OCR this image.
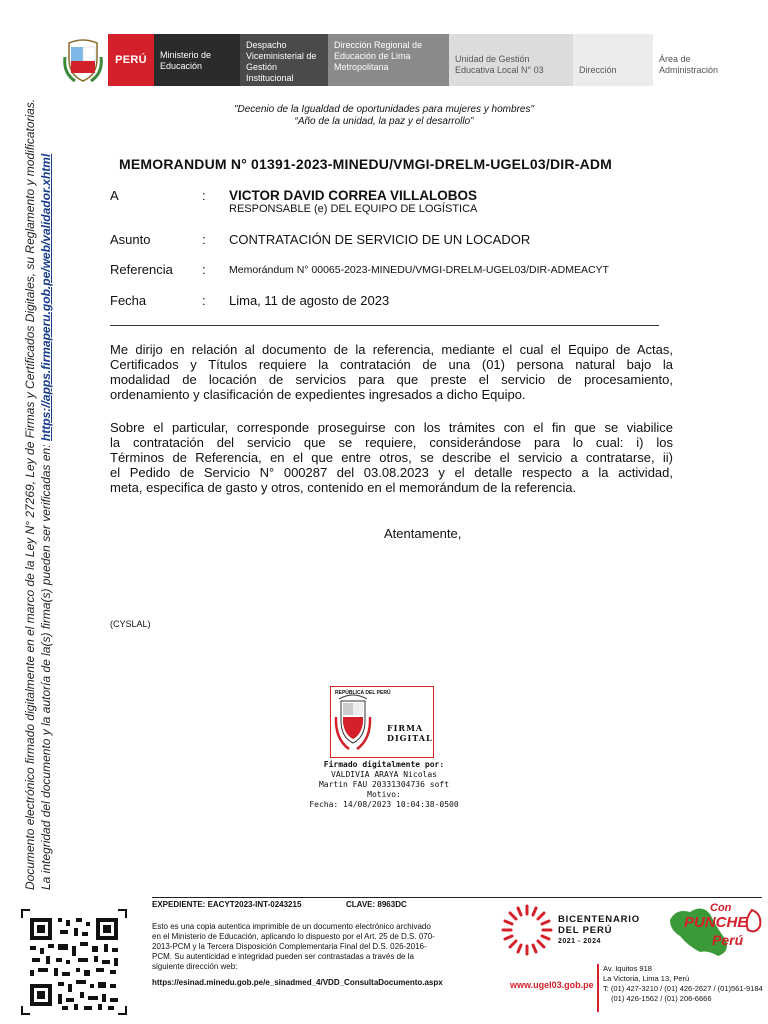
PERÚ	Ministerio de Educación
Despacho Viceministerial de Gestión Institucional
Dirección Regional de Educación de Lima Metropolitana
Unidad de Gestión Educativa Local N° 03	Dirección
Área de Administración
"Decenio de la Igualdad de oportunidades para mujeres y hombres"
“Año de la unidad, la paz y el desarrollo”
Documento electrónico firmado digitalmente en el marco de la Ley N° 27269, Ley de Firmas y Certificados Digitales, su Reglamento y modificatorias. La integridad del documento y la autoría de la(s) firma(s) pueden ser verificadas en: https://apps.firmaperu.gob.pe/web/validador.xhtml	MEMORANDUM N° 01391-2023-MINEDU/VMGI-DRELM-UGEL03/DIR-ADM
A	: VICTOR DAVID CORREA VILLALOBOS
RESPONSABLE (e) DEL EQUIPO DE LOGÍSTICA
Asunto	: CONTRATACIÓN DE SERVICIO DE UN LOCADOR
Referencia : Memorándum N° 00065-2023-MINEDU/VMGI-DRELM-UGEL03/DIR-ADMEACYT
Fecha	: Lima, 11 de agosto de 2023
Me dirijo en relación al documento de la referencia, mediante el cual el Equipo de Actas,
Certificados y Títulos requiere la contratación de una (01) persona natural bajo la
modalidad de locación de servicios para que preste el servicio de procesamiento,
ordenamiento y clasificación de expedientes ingresados a dicho Equipo.
Sobre el particular, corresponde proseguirse con los trámites con el fin que se viabilice
la contratación del servicio que se requiere, considerándose para lo cual: i) los
Términos de Referencia, en el que entre otros, se describe el servicio a contratarse, ii)
el Pedido de Servicio N° 000287 del 03.08.2023 y el detalle respecto a la actividad,
meta, especifica de gasto y otros, contenido en el memorándum de la referencia.
Atentamente,
(CYSLAL)
REPÚBLICA DEL PERÚ
FIRMA DIGITAL
Firmado digitalmente por:
VALDIVIA ARAYA Nicolas
Martin FAU 20331304736 soft
Motivo:
Fecha: 14/08/2023 10:04:38-0500
EXPEDIENTE: EACYT2023-INT-0243215	CLAVE: 8963DC
Esto es una copia autentica imprimible de un documento electrónico archivado
en el Ministerio de Educación, aplicando lo dispuesto por el Art. 25 de D.S. 070-
2013-PCM y la Tercera Disposición Complementaria Final del D.S. 026-2016-
PCM. Su autenticidad e integridad pueden ser contrastadas a través de la
siguiente dirección web:
https://esinad.minedu.gob.pe/e_sinadmed_4/VDD_ConsultaDocumento.aspx
BICENTENARIO
DEL PERÚ
2021 - 2024
Con
PUNCHE
Perú
www.ugel03.gob.pe
Av. Iquitos 918
La Victoria, Lima 13, Perú
T: (01) 427-3210 / (01) 426-2627 / (01)561-9184
(01) 426-1562 / (01) 206-6666
